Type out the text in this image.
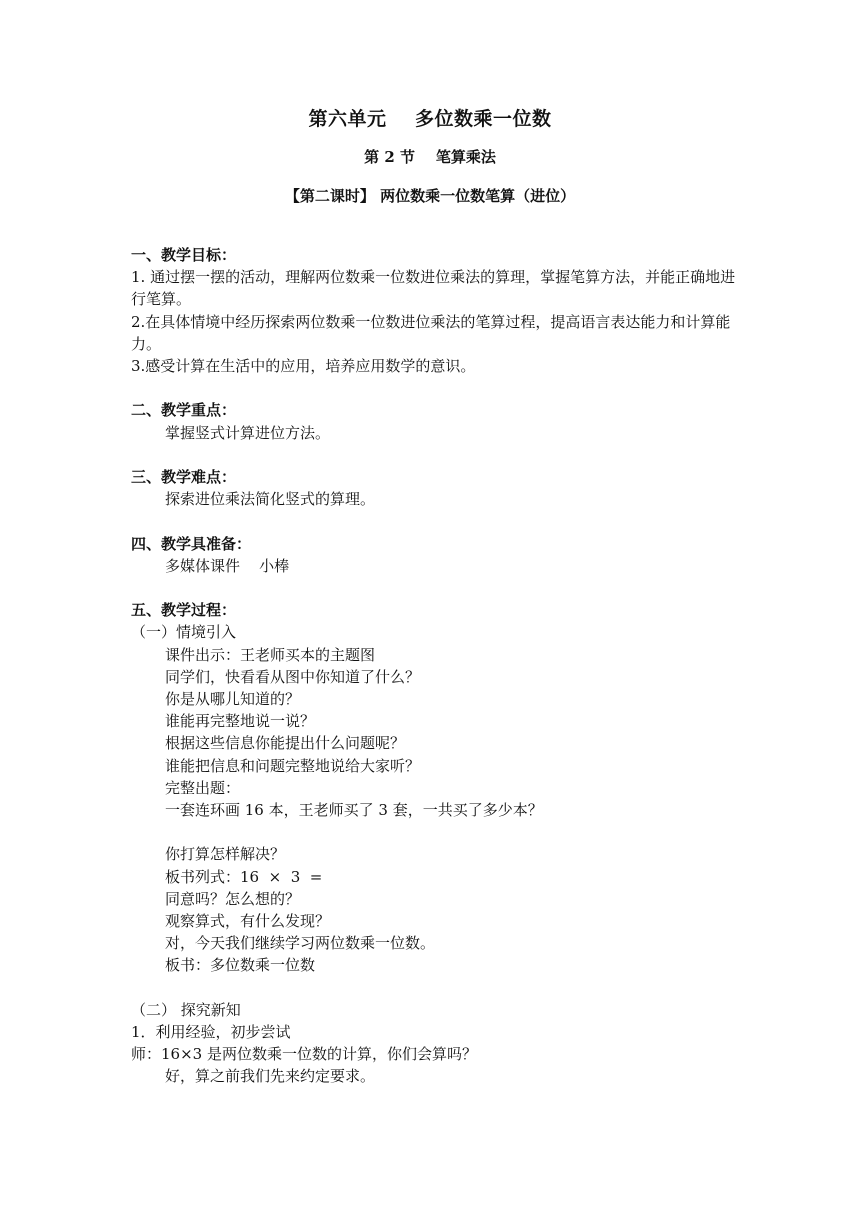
第六单元    多位数乘一位数
第 2 节    笔算乘法
【第二课时】 两位数乘一位数笔算（进位）
一、教学目标：
1. 通过摆一摆的活动，理解两位数乘一位数进位乘法的算理，掌握笔算方法，并能正确地进行笔算。
2.在具体情境中经历探索两位数乘一位数进位乘法的笔算过程，提高语言表达能力和计算能力。
3.感受计算在生活中的应用，培养应用数学的意识。
二、教学重点：
掌握竖式计算进位方法。
三、教学难点：
探索进位乘法简化竖式的算理。
四、教学具准备：
多媒体课件    小棒
五、教学过程：
（一）情境引入
课件出示：王老师买本的主题图
同学们，快看看从图中你知道了什么？
你是从哪儿知道的？
谁能再完整地说一说？
根据这些信息你能提出什么问题呢？
谁能把信息和问题完整地说给大家听？
完整出题：
一套连环画 16 本，王老师买了 3 套，一共买了多少本？
你打算怎样解决？
板书列式：16  ×  3  =
同意吗？怎么想的？
观察算式，有什么发现？
对，今天我们继续学习两位数乘一位数。
板书：多位数乘一位数
（二） 探究新知
1．利用经验，初步尝试
师：16×3 是两位数乘一位数的计算，你们会算吗？
好，算之前我们先来约定要求。
